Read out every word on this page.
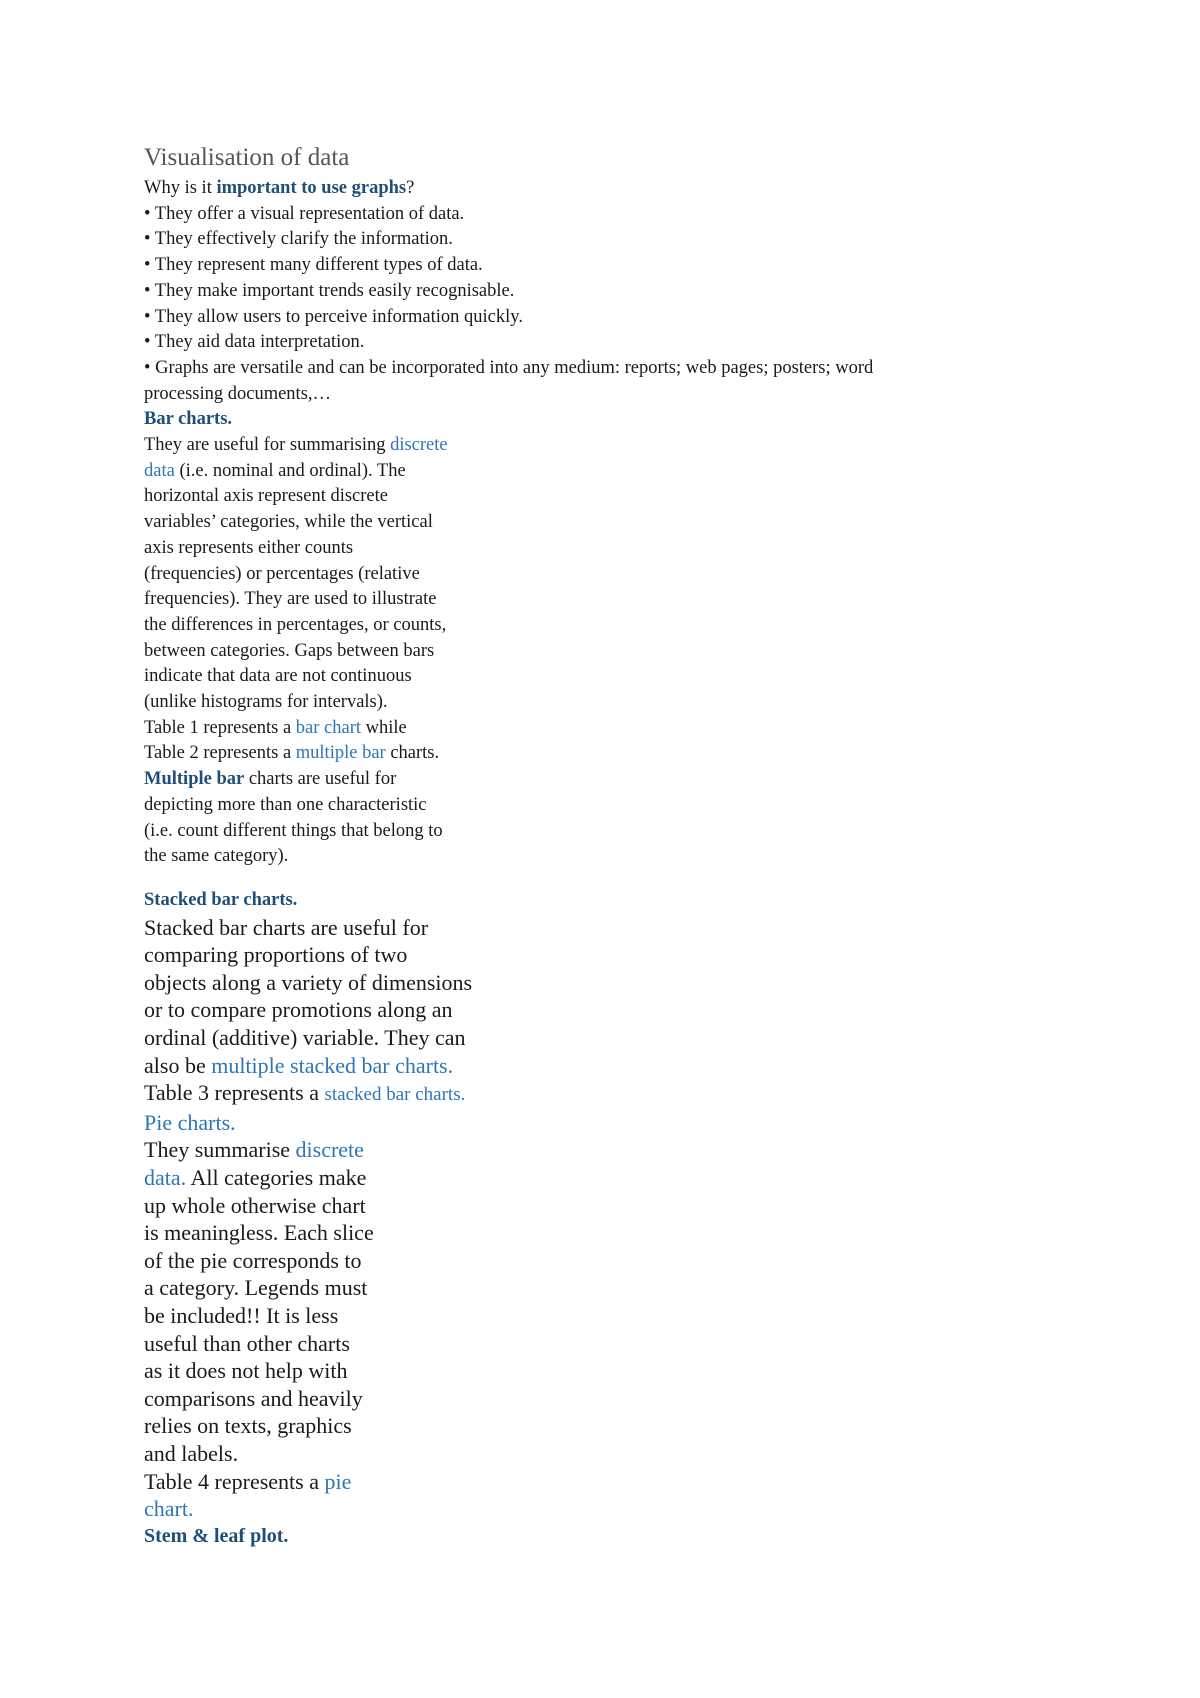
Visualisation of data

Why is it important to use graphs?

• They offer a visual representation of data.

• They effectively clarify the information.

• They represent many different types of data.

• They make important trends easily recognisable.

• They allow users to perceive information quickly.

• They aid data interpretation.

• Graphs are versatile and can be incorporated into any medium: reports; web pages; posters; word

processing documents,…

Bar charts.

They are useful for summarising discrete

data (i.e. nominal and ordinal). The

horizontal axis represent discrete

variables’ categories, while the vertical

axis represents either counts

(frequencies) or percentages (relative

frequencies). They are used to illustrate

the differences in percentages, or counts,

between categories. Gaps between bars

indicate that data are not continuous

(unlike histograms for intervals).

Table 1 represents a bar chart while

Table 2 represents a multiple bar charts.

Multiple bar charts are useful for

depicting more than one characteristic

(i.e. count different things that belong to

the same category).

Stacked bar charts.

Stacked bar charts are useful for

comparing proportions of two

objects along a variety of dimensions

or to compare promotions along an

ordinal (additive) variable. They can

also be multiple stacked bar charts.

Table 3 represents a stacked bar charts.

Pie charts.

They summarise discrete

data. All categories make

up whole otherwise chart

is meaningless. Each slice

of the pie corresponds to

a category. Legends must

be included!! It is less

useful than other charts

as it does not help with

comparisons and heavily

relies on texts, graphics

and labels.

Table 4 represents a pie

chart.

Stem & leaf plot.
